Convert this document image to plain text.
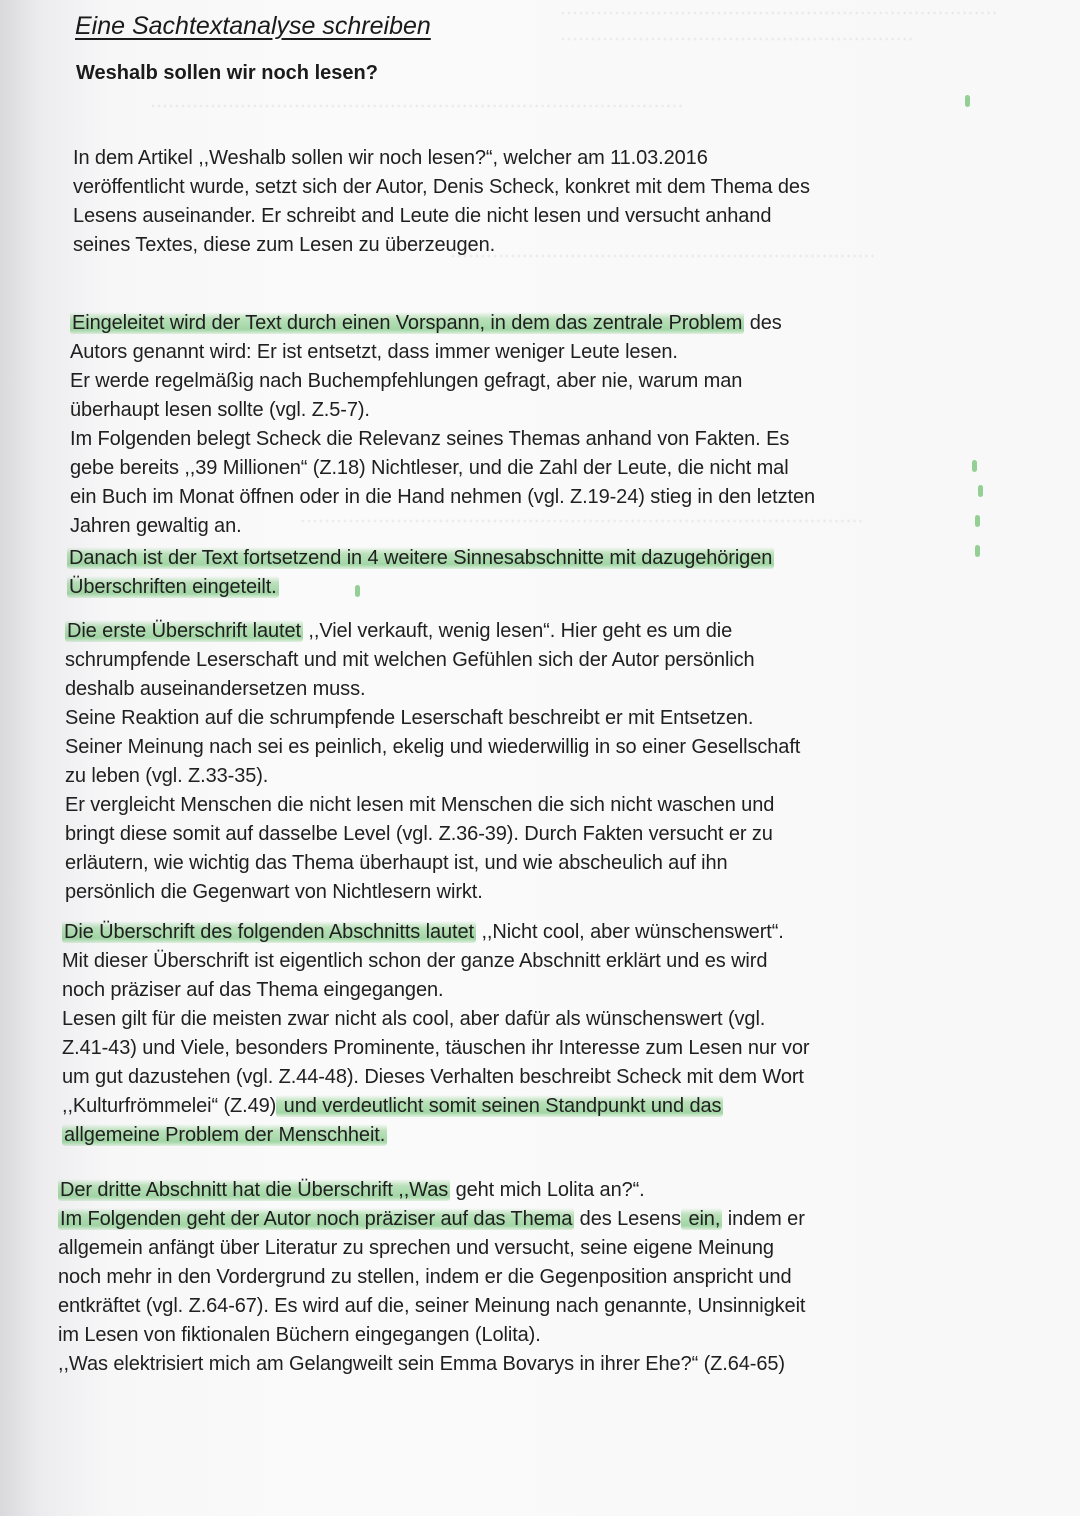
·········································································
···························································
·························································································
·······································································
······························································································
Eine Sachtextanalyse schreiben
Weshalb sollen wir noch lesen?
In dem Artikel ,,Weshalb sollen wir noch lesen?“, welcher am 11.03.2016
veröffentlicht wurde, setzt sich der Autor, Denis Scheck, konkret mit dem Thema des
Lesens auseinander. Er schreibt and Leute die nicht lesen und versucht anhand
seines Textes, diese zum Lesen zu überzeugen.
Eingeleitet wird der Text durch einen Vorspann, in dem das zentrale Problem des
Autors genannt wird: Er ist entsetzt, dass immer weniger Leute lesen.
Er werde regelmäßig nach Buchempfehlungen gefragt, aber nie, warum man
überhaupt lesen sollte (vgl. Z.5-7).
Im Folgenden belegt Scheck die Relevanz seines Themas anhand von Fakten. Es
gebe bereits ,,39 Millionen“ (Z.18) Nichtleser, und die Zahl der Leute, die nicht mal
ein Buch im Monat öffnen oder in die Hand nehmen (vgl. Z.19-24) stieg in den letzten
Jahren gewaltig an.
Danach ist der Text fortsetzend in 4 weitere Sinnesabschnitte mit dazugehörigen
Überschriften eingeteilt.
Die erste Überschrift lautet ,,Viel verkauft, wenig lesen“. Hier geht es um die
schrumpfende Leserschaft und mit welchen Gefühlen sich der Autor persönlich
deshalb auseinandersetzen muss.
Seine Reaktion auf die schrumpfende Leserschaft beschreibt er mit Entsetzen.
Seiner Meinung nach sei es peinlich, ekelig und wiederwillig in so einer Gesellschaft
zu leben (vgl. Z.33-35).
Er vergleicht Menschen die nicht lesen mit Menschen die sich nicht waschen und
bringt diese somit auf dasselbe Level (vgl. Z.36-39). Durch Fakten versucht er zu
erläutern, wie wichtig das Thema überhaupt ist, und wie abscheulich auf ihn
persönlich die Gegenwart von Nichtlesern wirkt.
Die Überschrift des folgenden Abschnitts lautet ,,Nicht cool, aber wünschenswert“.
Mit dieser Überschrift ist eigentlich schon der ganze Abschnitt erklärt und es wird
noch präziser auf das Thema eingegangen.
Lesen gilt für die meisten zwar nicht als cool, aber dafür als wünschenswert (vgl.
Z.41-43) und Viele, besonders Prominente, täuschen ihr Interesse zum Lesen nur vor
um gut dazustehen (vgl. Z.44-48). Dieses Verhalten beschreibt Scheck mit dem Wort
,,Kulturfrömmelei“ (Z.49) und verdeutlicht somit seinen Standpunkt und das
allgemeine Problem der Menschheit.
Der dritte Abschnitt hat die Überschrift ,,Was geht mich Lolita an?“.
Im Folgenden geht der Autor noch präziser auf das Thema des Lesens ein, indem er
allgemein anfängt über Literatur zu sprechen und versucht, seine eigene Meinung
noch mehr in den Vordergrund zu stellen, indem er die Gegenposition anspricht und
entkräftet (vgl. Z.64-67). Es wird auf die, seiner Meinung nach genannte, Unsinnigkeit
im Lesen von fiktionalen Büchern eingegangen (Lolita).
,,Was elektrisiert mich am Gelangweilt sein Emma Bovarys in ihrer Ehe?“ (Z.64-65)
